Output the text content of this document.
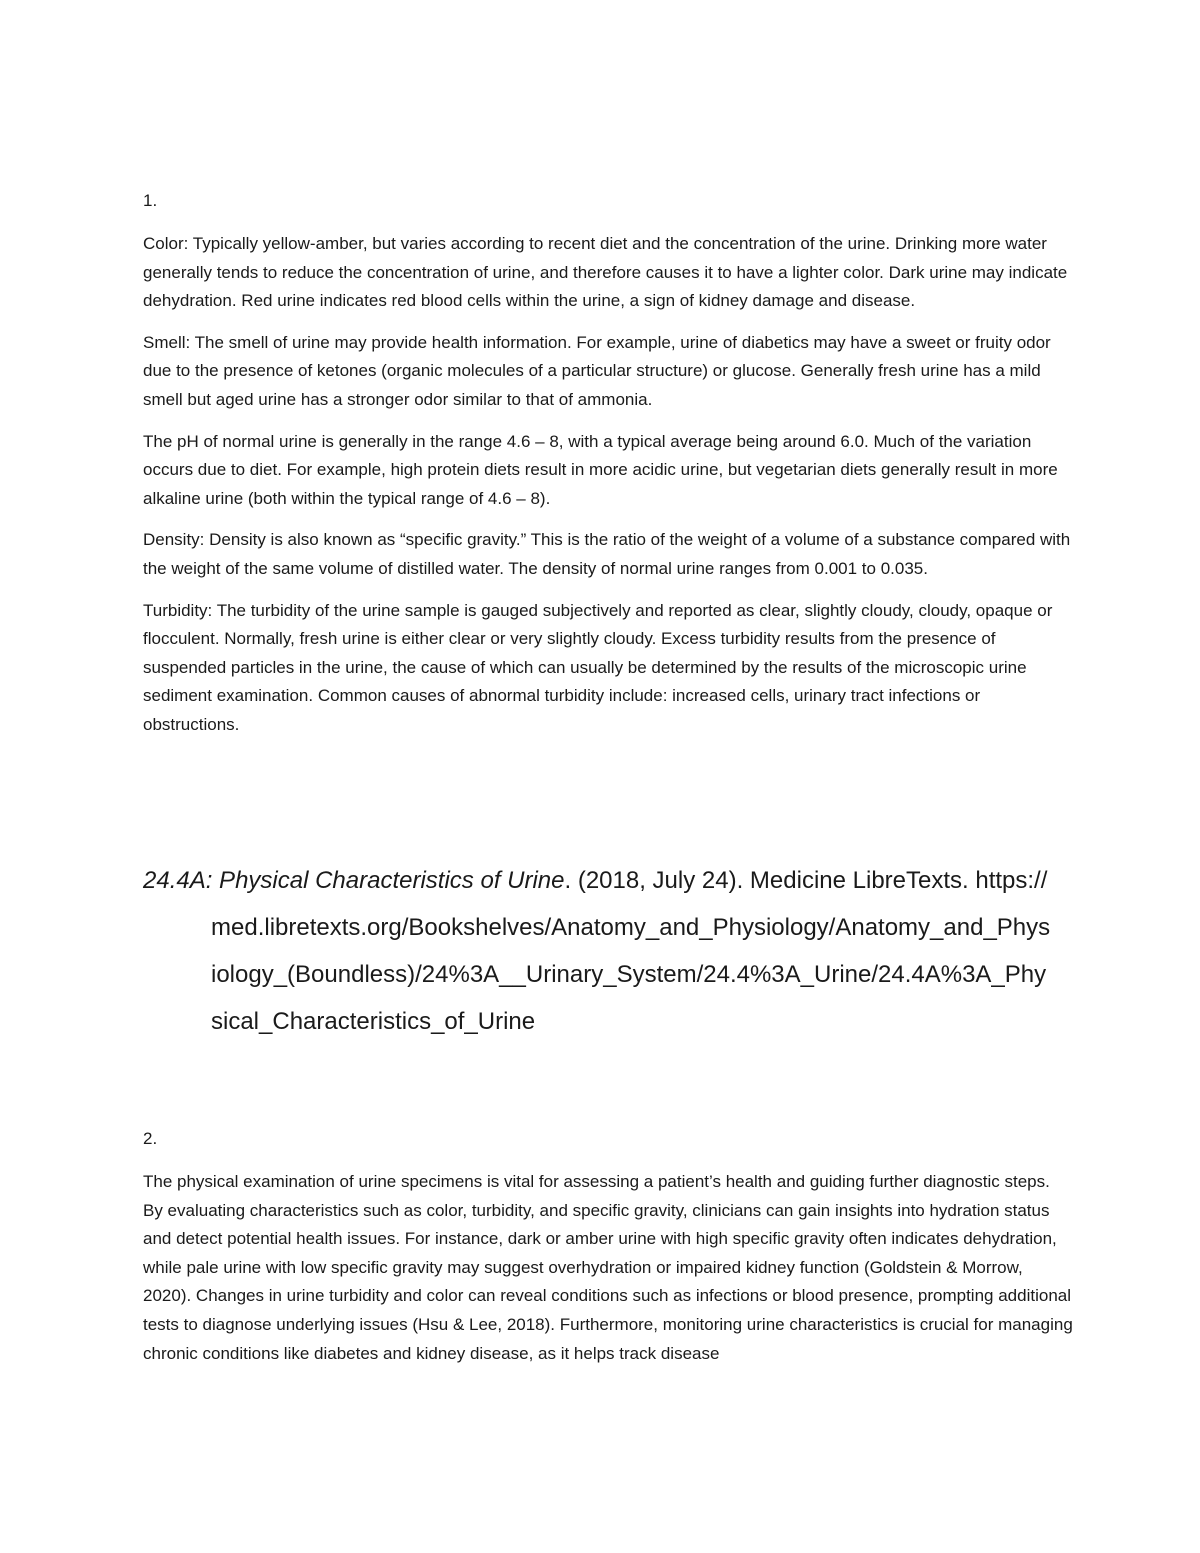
1.

Color: Typically yellow-amber, but varies according to recent diet and the concentration of the urine. Drinking more water generally tends to reduce the concentration of urine, and therefore causes it to have a lighter color. Dark urine may indicate dehydration. Red urine indicates red blood cells within the urine, a sign of kidney damage and disease.

Smell: The smell of urine may provide health information. For example, urine of diabetics may have a sweet or fruity odor due to the presence of ketones (organic molecules of a particular structure) or glucose. Generally fresh urine has a mild smell but aged urine has a stronger odor similar to that of ammonia.

The pH of normal urine is generally in the range 4.6 – 8, with a typical average being around 6.0. Much of the variation occurs due to diet. For example, high protein diets result in more acidic urine, but vegetarian diets generally result in more alkaline urine (both within the typical range of 4.6 – 8).

Density: Density is also known as “specific gravity.” This is the ratio of the weight of a volume of a substance compared with the weight of the same volume of distilled water. The density of normal urine ranges from 0.001 to 0.035.

Turbidity: The turbidity of the urine sample is gauged subjectively and reported as clear, slightly cloudy, cloudy, opaque or flocculent. Normally, fresh urine is either clear or very slightly cloudy. Excess turbidity results from the presence of suspended particles in the urine, the cause of which can usually be determined by the results of the microscopic urine sediment examination. Common causes of abnormal turbidity include: increased cells, urinary tract infections or obstructions.

24.4A: Physical Characteristics of Urine. (2018, July 24). Medicine LibreTexts. https://med.libretexts.org/Bookshelves/Anatomy_and_Physiology/Anatomy_and_Physiology_(Boundless)/24%3A__Urinary_System/24.4%3A_Urine/24.4A%3A_Physical_Characteristics_of_Urine

2.

The physical examination of urine specimens is vital for assessing a patient’s health and guiding further diagnostic steps. By evaluating characteristics such as color, turbidity, and specific gravity, clinicians can gain insights into hydration status and detect potential health issues. For instance, dark or amber urine with high specific gravity often indicates dehydration, while pale urine with low specific gravity may suggest overhydration or impaired kidney function (Goldstein & Morrow, 2020). Changes in urine turbidity and color can reveal conditions such as infections or blood presence, prompting additional tests to diagnose underlying issues (Hsu & Lee, 2018). Furthermore, monitoring urine characteristics is crucial for managing chronic conditions like diabetes and kidney disease, as it helps track disease
